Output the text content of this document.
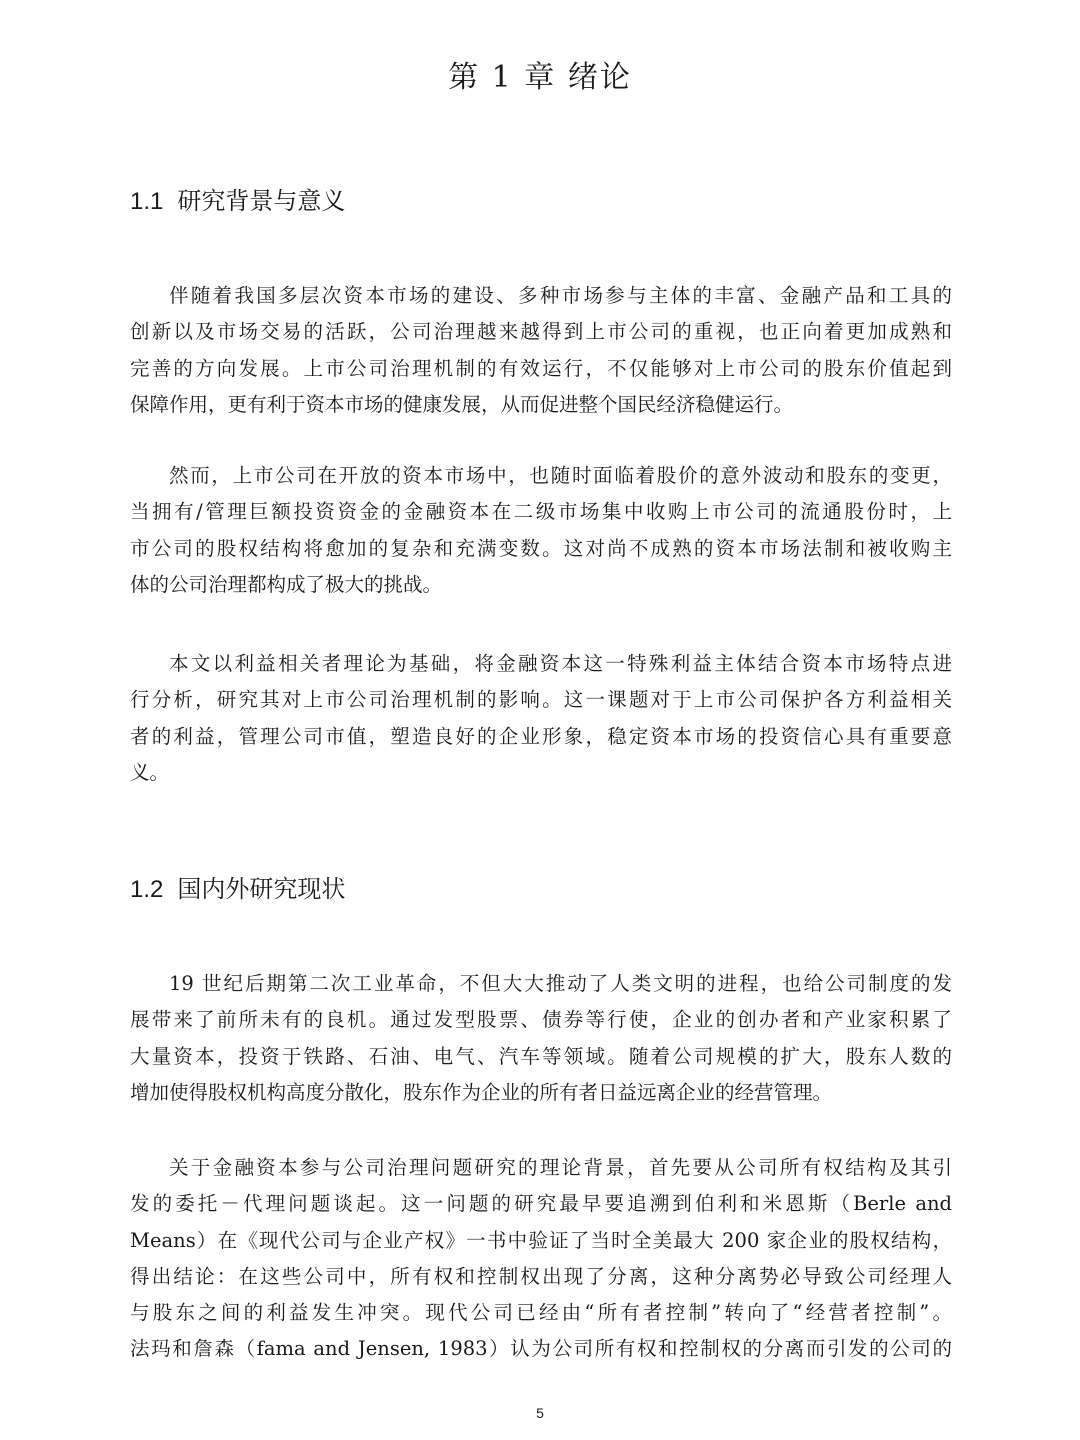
第 1 章 绪论
1.1 研究背景与意义
伴随着我国多层次资本市场的建设、多种市场参与主体的丰富、金融产品和工具的
创新以及市场交易的活跃，公司治理越来越得到上市公司的重视，也正向着更加成熟和
完善的方向发展。上市公司治理机制的有效运行，不仅能够对上市公司的股东价值起到
保障作用，更有利于资本市场的健康发展，从而促进整个国民经济稳健运行。
然而，上市公司在开放的资本市场中，也随时面临着股价的意外波动和股东的变更，
当拥有/管理巨额投资资金的金融资本在二级市场集中收购上市公司的流通股份时，上
市公司的股权结构将愈加的复杂和充满变数。这对尚不成熟的资本市场法制和被收购主
体的公司治理都构成了极大的挑战。
本文以利益相关者理论为基础，将金融资本这一特殊利益主体结合资本市场特点进
行分析，研究其对上市公司治理机制的影响。这一课题对于上市公司保护各方利益相关
者的利益，管理公司市值，塑造良好的企业形象，稳定资本市场的投资信心具有重要意
义。
1.2 国内外研究现状
19 世纪后期第二次工业革命，不但大大推动了人类文明的进程，也给公司制度的发
展带来了前所未有的良机。通过发型股票、债券等行使，企业的创办者和产业家积累了
大量资本，投资于铁路、石油、电气、汽车等领域。随着公司规模的扩大，股东人数的
增加使得股权机构高度分散化，股东作为企业的所有者日益远离企业的经营管理。
关于金融资本参与公司治理问题研究的理论背景，首先要从公司所有权结构及其引
发的委托－代理问题谈起。这一问题的研究最早要追溯到伯利和米恩斯（Berle and
Means）在《现代公司与企业产权》一书中验证了当时全美最大 200 家企业的股权结构，
得出结论：在这些公司中，所有权和控制权出现了分离，这种分离势必导致公司经理人
与股东之间的利益发生冲突。现代公司已经由“所有者控制”转向了“经营者控制”。
法玛和詹森（fama and Jensen, 1983）认为公司所有权和控制权的分离而引发的公司的
5
